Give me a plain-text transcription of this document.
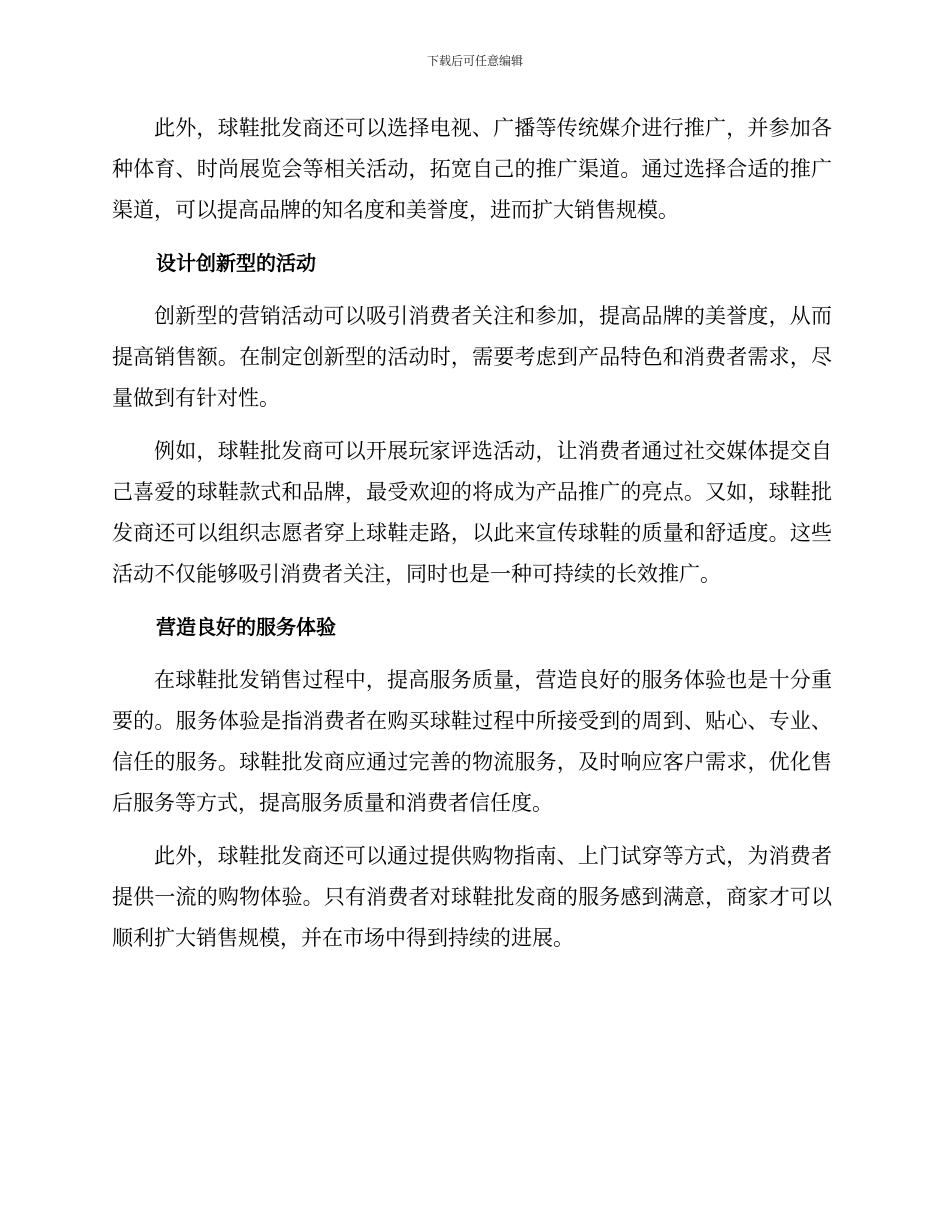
下载后可任意编辑

此外，球鞋批发商还可以选择电视、广播等传统媒介进行推广，并参加各种体育、时尚展览会等相关活动，拓宽自己的推广渠道。通过选择合适的推广渠道，可以提高品牌的知名度和美誉度，进而扩大销售规模。

设计创新型的活动

创新型的营销活动可以吸引消费者关注和参加，提高品牌的美誉度，从而提高销售额。在制定创新型的活动时，需要考虑到产品特色和消费者需求，尽量做到有针对性。

例如，球鞋批发商可以开展玩家评选活动，让消费者通过社交媒体提交自己喜爱的球鞋款式和品牌，最受欢迎的将成为产品推广的亮点。又如，球鞋批发商还可以组织志愿者穿上球鞋走路，以此来宣传球鞋的质量和舒适度。这些活动不仅能够吸引消费者关注，同时也是一种可持续的长效推广。

营造良好的服务体验

在球鞋批发销售过程中，提高服务质量，营造良好的服务体验也是十分重要的。服务体验是指消费者在购买球鞋过程中所接受到的周到、贴心、专业、信任的服务。球鞋批发商应通过完善的物流服务，及时响应客户需求，优化售后服务等方式，提高服务质量和消费者信任度。

此外，球鞋批发商还可以通过提供购物指南、上门试穿等方式，为消费者提供一流的购物体验。只有消费者对球鞋批发商的服务感到满意，商家才可以顺利扩大销售规模，并在市场中得到持续的进展。
